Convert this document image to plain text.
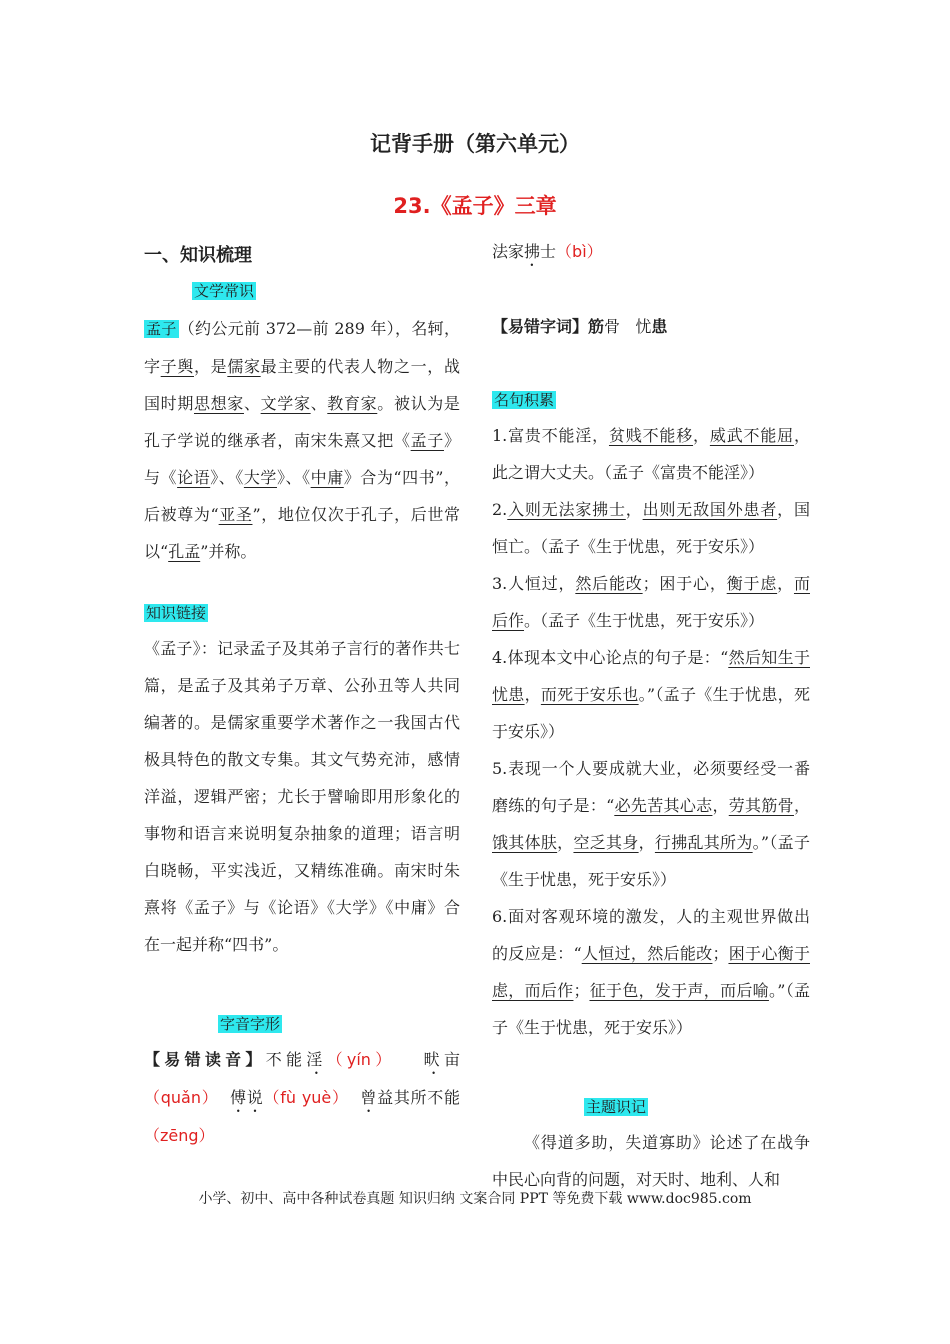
记背手册（第六单元）
23.《孟子》三章

一、知识梳理

文学常识

孟子 （约公元前 372—前 289 年），名轲，字子舆，是儒家最主要的代表人物之一，战国时期思想家、文学家、教育家。被认为是孔子学说的继承者，南宋朱熹又把《孟子》与《论语》、《大学》、《中庸》合为“四书”，后被尊为“亚圣”，地位仅次于孔子，后世常以“孔孟”并称。

知识链接

《孟子》：记录孟子及其弟子言行的著作共七篇，是孟子及其弟子万章、公孙丑等人共同编著的。是儒家重要学术著作之一我国古代极具特色的散文专集。其文气势充沛，感情洋溢，逻辑严密；尤长于譬喻即用形象化的事物和语言来说明复杂抽象的道理；语言明白晓畅，平实浅近，又精练准确。南宋时朱熹将《孟子》与《论语》《大学》《中庸》合在一起并称“四书”。

字音字形

【易错读音】不能淫（yín） 畎亩（quǎn） 傅说（fù yuè） 曾益其所不能（zēng）

法家拂士（bì）

【易错字词】筋骨 忧患

名句积累

1.富贵不能淫，贫贱不能移，威武不能屈，此之谓大丈夫。（孟子《富贵不能淫》）

2.入则无法家拂士，出则无敌国外患者，国恒亡。（孟子《生于忧患，死于安乐》）

3.人恒过，然后能改；困于心，衡于虑，而后作。（孟子《生于忧患，死于安乐》）

4.体现本文中心论点的句子是：“然后知生于忧患，而死于安乐也。”（孟子《生于忧患，死于安乐》）

5.表现一个人要成就大业，必须要经受一番磨练的句子是：“必先苦其心志，劳其筋骨，饿其体肤，空乏其身，行拂乱其所为。”（孟子《生于忧患，死于安乐》）

6.面对客观环境的激发，人的主观世界做出的反应是：“人恒过，然后能改；困于心衡于虑，而后作；征于色，发于声，而后喻。”（孟子《生于忧患，死于安乐》）

主题识记

《得道多助，失道寡助》论述了在战争中民心向背的问题，对天时、地利、人和

小学、初中、高中各种试卷真题 知识归纳 文案合同 PPT 等免费下载 www.doc985.com
